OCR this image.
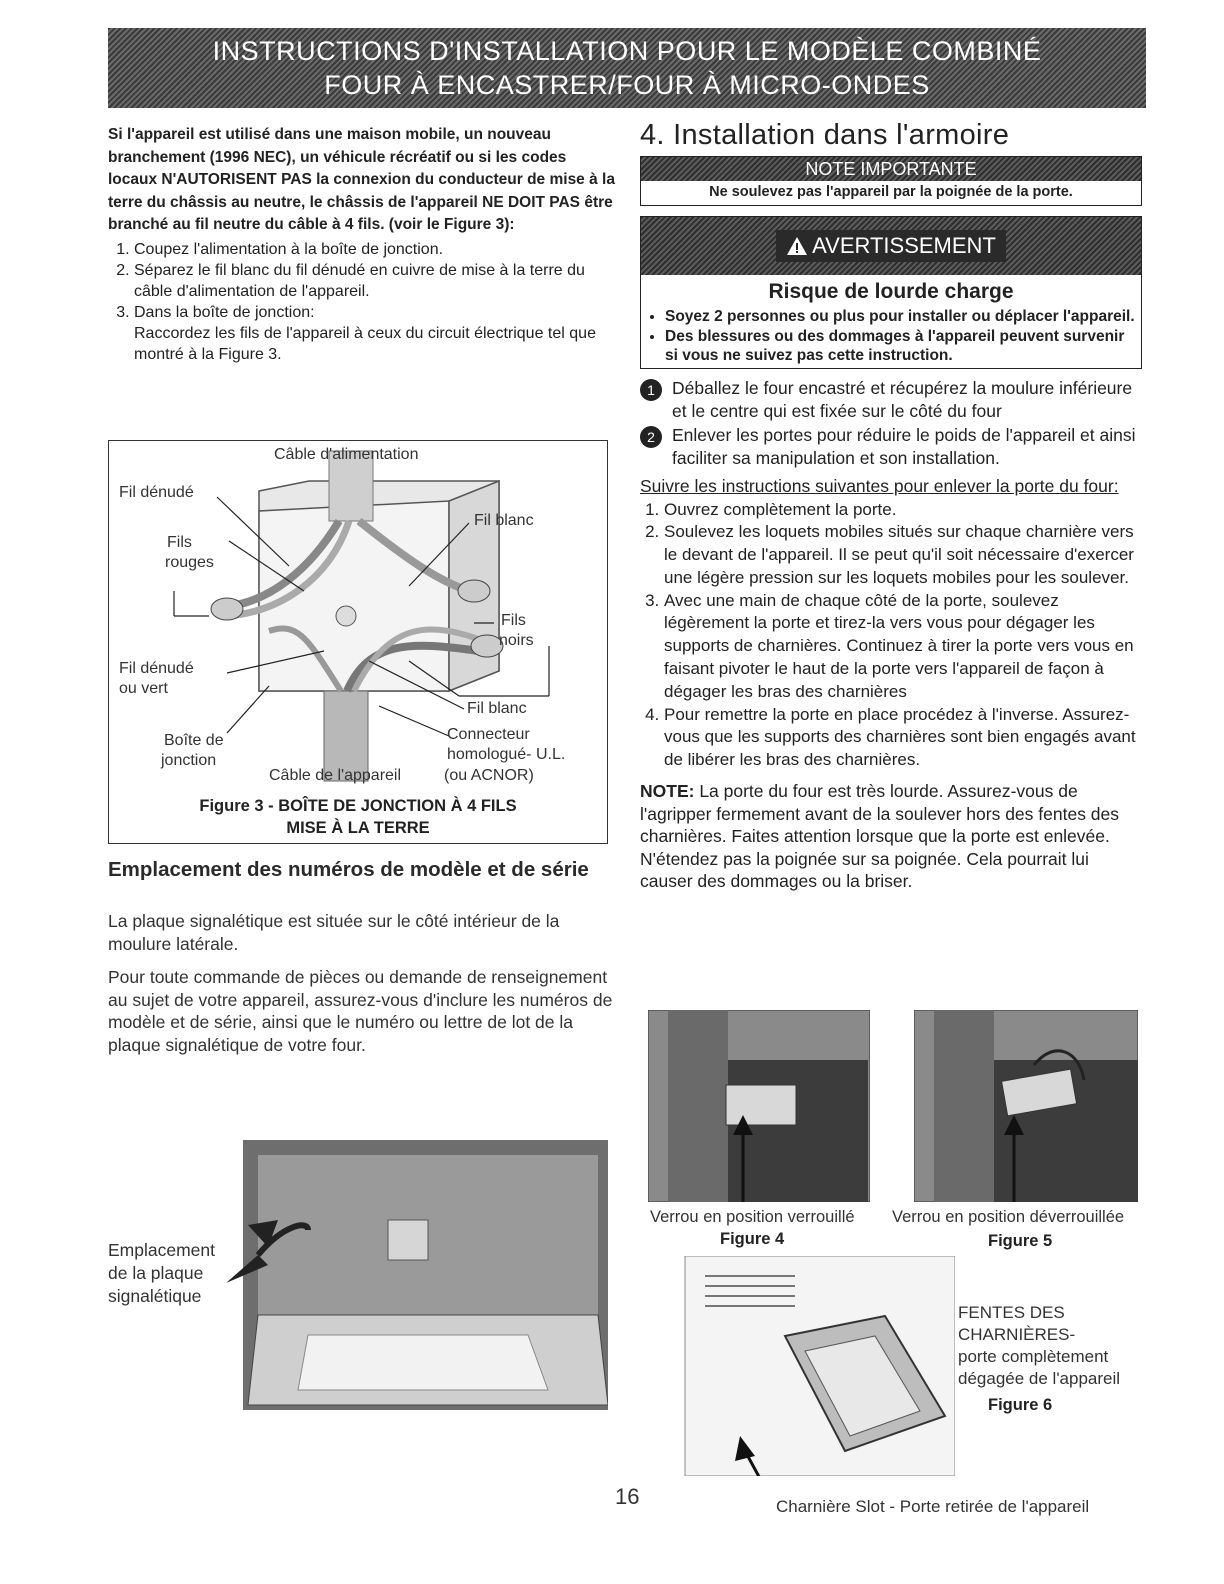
INSTRUCTIONS D'INSTALLATION POUR LE MODÈLE COMBINÉ
FOUR À ENCASTRER/FOUR À MICRO-ONDES

Si l'appareil est utilisé dans une maison mobile, un nouveau branchement (1996 NEC), un véhicule récréatif ou si les codes locaux N'AUTORISENT PAS la connexion du conducteur de mise à la terre du châssis au neutre, le châssis de l'appareil NE DOIT PAS être branché au fil neutre du câble à 4 fils. (voir le Figure 3):

1. Coupez l'alimentation à la boîte de jonction.
2. Séparez le fil blanc du fil dénudé en cuivre de mise à la terre du câble d'alimentation de l'appareil.
3. Dans la boîte de jonction:
Raccordez les fils de l'appareil à ceux du circuit électrique tel que montré à la Figure 3.
Câble d'alimentation
Fil dénudé
Fils
rouges
Fil blanc
Fils
noirs
Fil dénudé
ou vert
Fil blanc
Boîte de
jonction
Connecteur
homologué- U.L.
Câble de l'appareil	(ou ACNOR)
Figure 3 - BOÎTE DE JONCTION À 4 FILS
MISE À LA TERRE
Emplacement des numéros de modèle et de série
La plaque signalétique est située sur le côté intérieur de la moulure latérale.
Pour toute commande de pièces ou demande de renseignement au sujet de votre appareil, assurez-vous d'inclure les numéros de modèle et de série, ainsi que le numéro ou lettre de lot de la plaque signalétique de votre four.
Emplacement
de la plaque
signalétique
4. Installation dans l'armoire
NOTE IMPORTANTE
Ne soulevez pas l'appareil par la poignée de la porte.
AVERTISSEMENT
Risque de lourde charge
• Soyez 2 personnes ou plus pour installer ou déplacer l'appareil.
• Des blessures ou des dommages à l'appareil peuvent survenir si vous ne suivez pas cette instruction.
1 Déballez le four encastré et récupérez la moulure inférieure et le centre qui est fixée sur le côté du four
2 Enlever les portes pour réduire le poids de l'appareil et ainsi faciliter sa manipulation et son installation.

Suivre les instructions suivantes pour enlever la porte du four:

1. Ouvrez complètement la porte.
2. Soulevez les loquets mobiles situés sur chaque charnière vers le devant de l'appareil. Il se peut qu'il soit nécessaire d'exercer une légère pression sur les loquets mobiles pour les soulever.
3. Avec une main de chaque côté de la porte, soulevez légèrement la porte et tirez-la vers vous pour dégager les supports de charnières. Continuez à tirer la porte vers vous en faisant pivoter le haut de la porte vers l'appareil de façon à dégager les bras des charnières
4. Pour remettre la porte en place procédez à l'inverse. Assurez-vous que les supports des charnières sont bien engagés avant de libérer les bras des charnières.

NOTE: La porte du four est très lourde. Assurez-vous de l'agripper fermement avant de la soulever hors des fentes des charnières. Faites attention lorsque que la porte est enlevée. N'étendez pas la poignée sur sa poignée. Cela pourrait lui causer des dommages ou la briser.

Verrou en position verrouillé
Figure 4
Verrou en position déverrouillée
Figure 5
FENTES DES
CHARNIÈRES-
porte complètement
dégagée de l'appareil
Figure 6
Charnière Slot - Porte retirée de l'appareil
16
